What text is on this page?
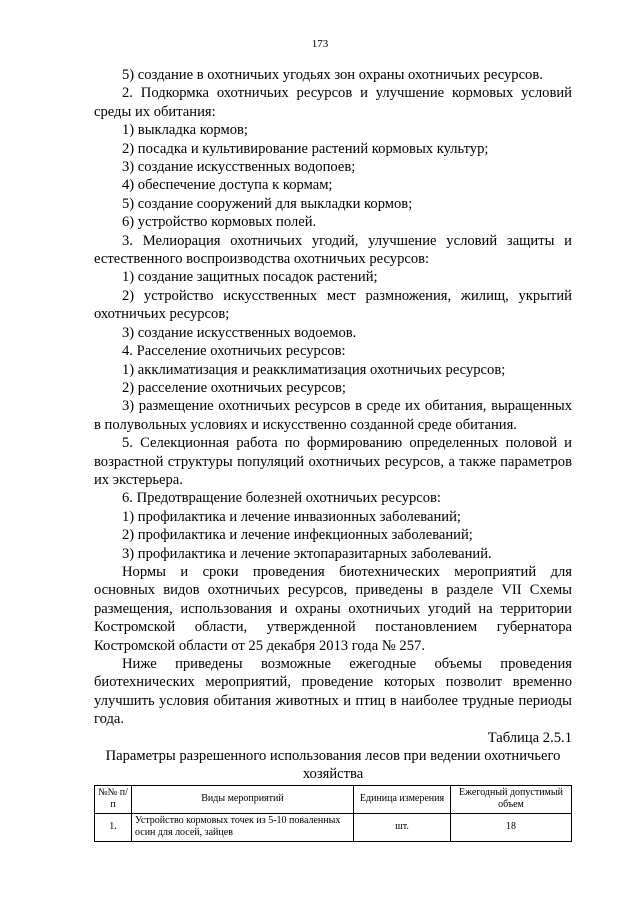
173

5) создание в охотничьих угодьях зон охраны охотничьих ресурсов.

2. Подкормка охотничьих ресурсов и улучшение кормовых условий среды их обитания:

1) выкладка кормов;

2) посадка и культивирование растений кормовых культур;

3) создание искусственных водопоев;

4) обеспечение доступа к кормам;

5) создание сооружений для выкладки кормов;

6) устройство кормовых полей.

3. Мелиорация охотничьих угодий, улучшение условий защиты и естественного воспроизводства охотничьих ресурсов:

1) создание защитных посадок растений;

2) устройство искусственных мест размножения, жилищ, укрытий охотничьих ресурсов;

3) создание искусственных водоемов.

4. Расселение охотничьих ресурсов:

1) акклиматизация и реакклиматизация охотничьих ресурсов;

2) расселение охотничьих ресурсов;

3) размещение охотничьих ресурсов в среде их обитания, выращенных в полувольных условиях и искусственно созданной среде обитания.

5. Селекционная работа по формированию определенных половой и возрастной структуры популяций охотничьих ресурсов, а также параметров их экстерьера.

6. Предотвращение болезней охотничьих ресурсов:

1) профилактика и лечение инвазионных заболеваний;

2) профилактика и лечение инфекционных заболеваний;

3) профилактика и лечение эктопаразитарных заболеваний.

Нормы и сроки проведения биотехнических мероприятий для основных видов охотничьих ресурсов, приведены в разделе VII Схемы размещения, использования и охраны охотничьих угодий на территории Костромской области, утвержденной постановлением губернатора Костромской области от 25 декабря 2013 года № 257.

Ниже приведены возможные ежегодные объемы проведения биотехнических мероприятий, проведение которых позволит временно улучшить условия обитания животных и птиц в наиболее трудные периоды года.

Таблица 2.5.1

Параметры разрешенного использования лесов при ведении охотничьего хозяйства

№№ п/п	Виды мероприятий	Единица измерения	Ежегодный допустимый объем
1.	Устройство кормовых точек из 5-10 поваленных осин для лосей, зайцев	шт.	18
